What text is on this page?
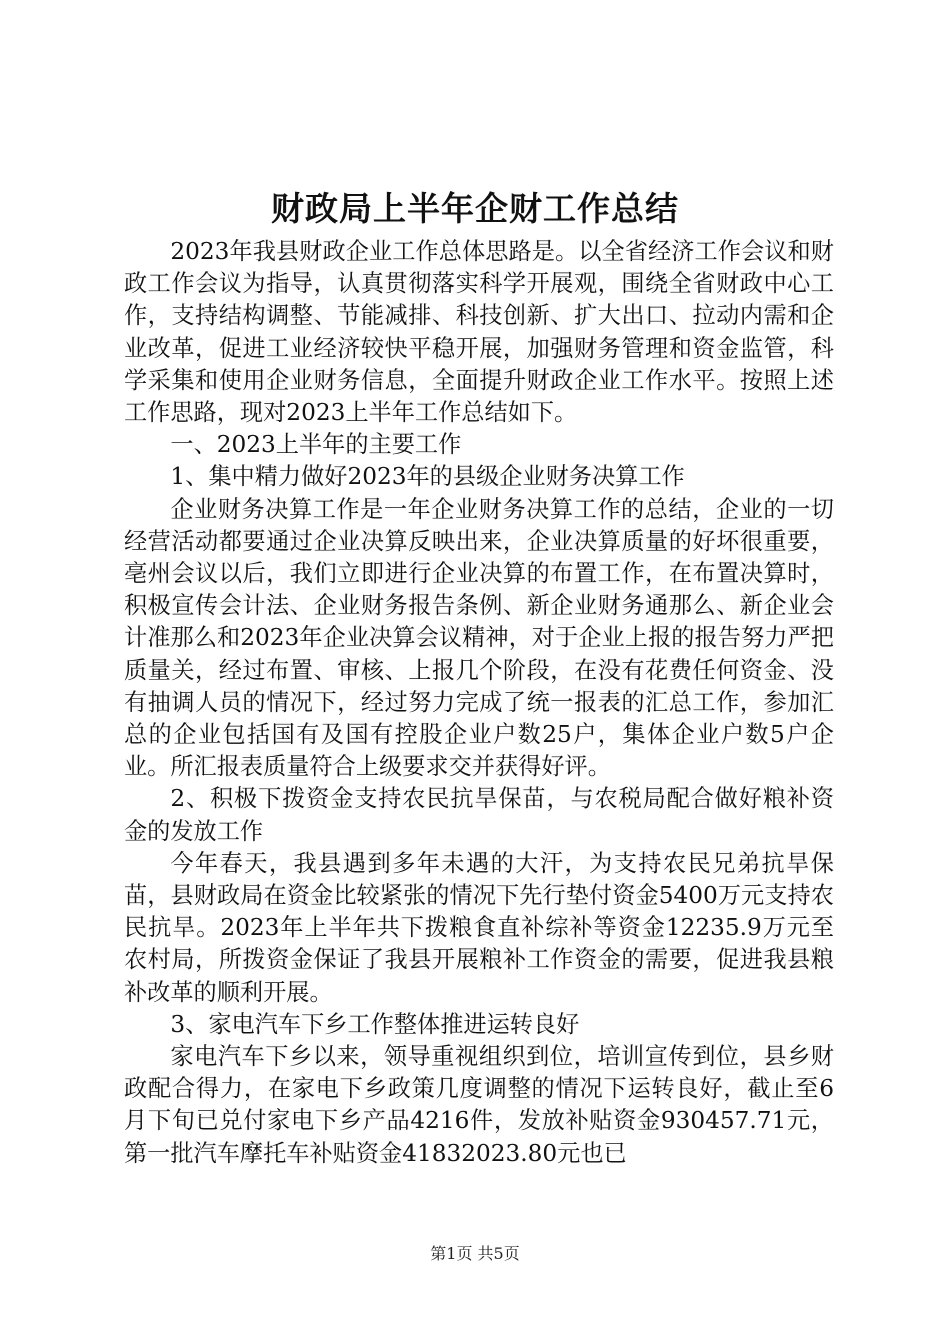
财政局上半年企财工作总结

2023年我县财政企业工作总体思路是。以全省经济工作会议和财政工作会议为指导，认真贯彻落实科学开展观，围绕全省财政中心工作，支持结构调整、节能减排、科技创新、扩大出口、拉动内需和企业改革，促进工业经济较快平稳开展，加强财务管理和资金监管，科学采集和使用企业财务信息，全面提升财政企业工作水平。按照上述工作思路，现对2023上半年工作总结如下。

一、2023上半年的主要工作

1、集中精力做好2023年的县级企业财务决算工作

企业财务决算工作是一年企业财务决算工作的总结，企业的一切经营活动都要通过企业决算反映出来，企业决算质量的好坏很重要，亳州会议以后，我们立即进行企业决算的布置工作，在布置决算时，积极宣传会计法、企业财务报告条例、新企业财务通那么、新企业会计准那么和2023年企业决算会议精神，对于企业上报的报告努力严把质量关，经过布置、审核、上报几个阶段，在没有花费任何资金、没有抽调人员的情况下，经过努力完成了统一报表的汇总工作，参加汇总的企业包括国有及国有控股企业户数25户，集体企业户数5户企业。所汇报表质量符合上级要求交并获得好评。

2、积极下拨资金支持农民抗旱保苗，与农税局配合做好粮补资金的发放工作

今年春天，我县遇到多年未遇的大汗，为支持农民兄弟抗旱保苗，县财政局在资金比较紧张的情况下先行垫付资金5400万元支持农民抗旱。2023年上半年共下拨粮食直补综补等资金12235.9万元至农村局，所拨资金保证了我县开展粮补工作资金的需要，促进我县粮补改革的顺利开展。

3、家电汽车下乡工作整体推进运转良好

家电汽车下乡以来，领导重视组织到位，培训宣传到位，县乡财政配合得力，在家电下乡政策几度调整的情况下运转良好，截止至6月下旬已兑付家电下乡产品4216件，发放补贴资金930457.71元，第一批汽车摩托车补贴资金41832023.80元也已

第1页 共5页
